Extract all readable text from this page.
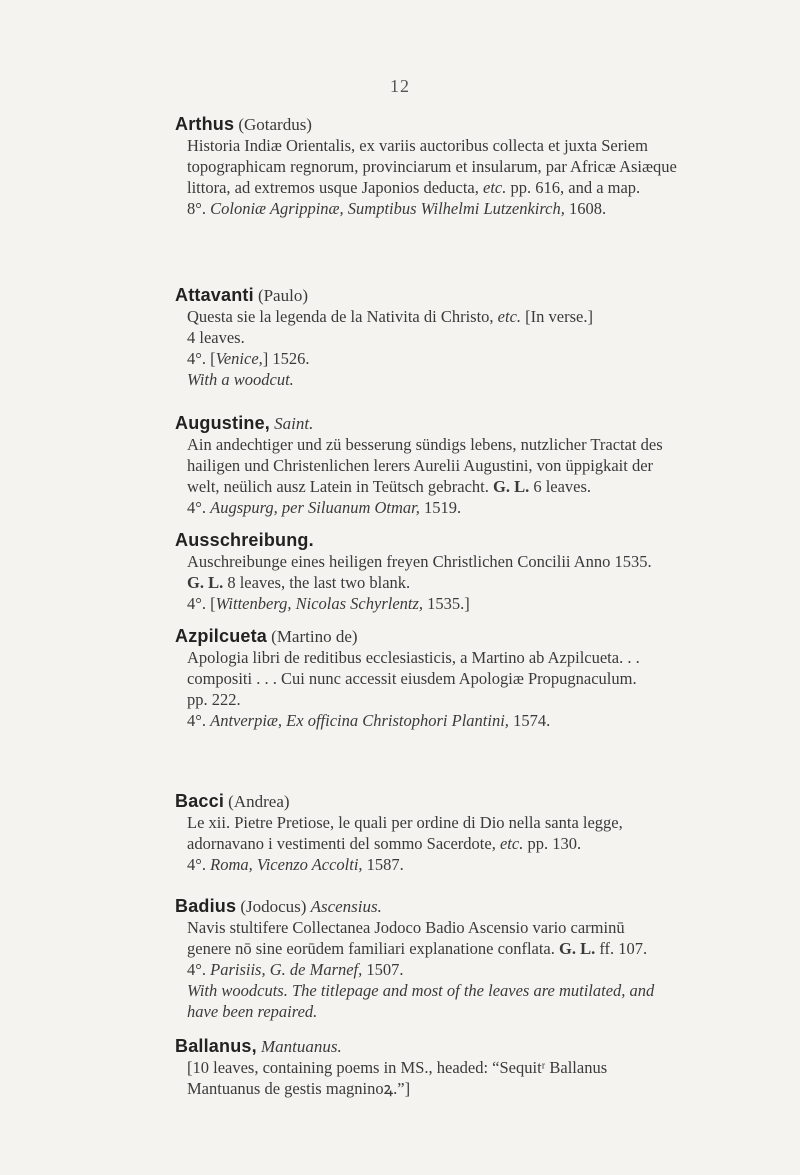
12
Arthus (Gotardus)
Historia Indiæ Orientalis, ex variis auctoribus collecta et juxta Seriem
topographicam regnorum, provinciarum et insularum, par Africæ Asiæque
littora, ad extremos usque Japonios deducta, etc. pp. 616, and a map.
8°. Coloniæ Agrippinæ, Sumptibus Wilhelmi Lutzenkirch, 1608.
Attavanti (Paulo)
Questa sie la legenda de la Nativita di Christo, etc. [In verse.]
4 leaves.
4°. [Venice,] 1526.
With a woodcut.
Augustine, Saint.
Ain andechtiger und zü besserung sündigs lebens, nutzlicher Tractat des
hailigen und Christenlichen lerers Aurelii Augustini, von üppigkait der
welt, neülich ausz Latein in Teütsch gebracht. G. L. 6 leaves.
4°. Augspurg, per Siluanum Otmar, 1519.
Ausschreibung.
Auschreibunge eines heiligen freyen Christlichen Concilii Anno 1535.
G. L. 8 leaves, the last two blank.
4°. [Wittenberg, Nicolas Schyrlentz, 1535.]
Azpilcueta (Martino de)
Apologia libri de reditibus ecclesiasticis, a Martino ab Azpilcueta. . .
compositi . . . Cui nunc accessit eiusdem Apologiæ Propugnaculum.
pp. 222.
4°. Antverpiæ, Ex officina Christophori Plantini, 1574.
Bacci (Andrea)
Le xii. Pietre Pretiose, le quali per ordine di Dio nella santa legge,
adornavano i vestimenti del sommo Sacerdote, etc. pp. 130.
4°. Roma, Vicenzo Accolti, 1587.
Badius (Jodocus) Ascensius.
Navis stultifere Collectanea Jodoco Badio Ascensio vario carminū
genere nō sine eorūdem familiari explanatione conflata. G. L. ff. 107.
4°. Parisiis, G. de Marnef, 1507.
With woodcuts. The titlepage and most of the leaves are mutilated, and
have been repaired.
Ballanus, Mantuanus.
[10 leaves, containing poems in MS., headed: “Sequitʳ Ballanus
Mantuanus de gestis magninoꝝ.”]
